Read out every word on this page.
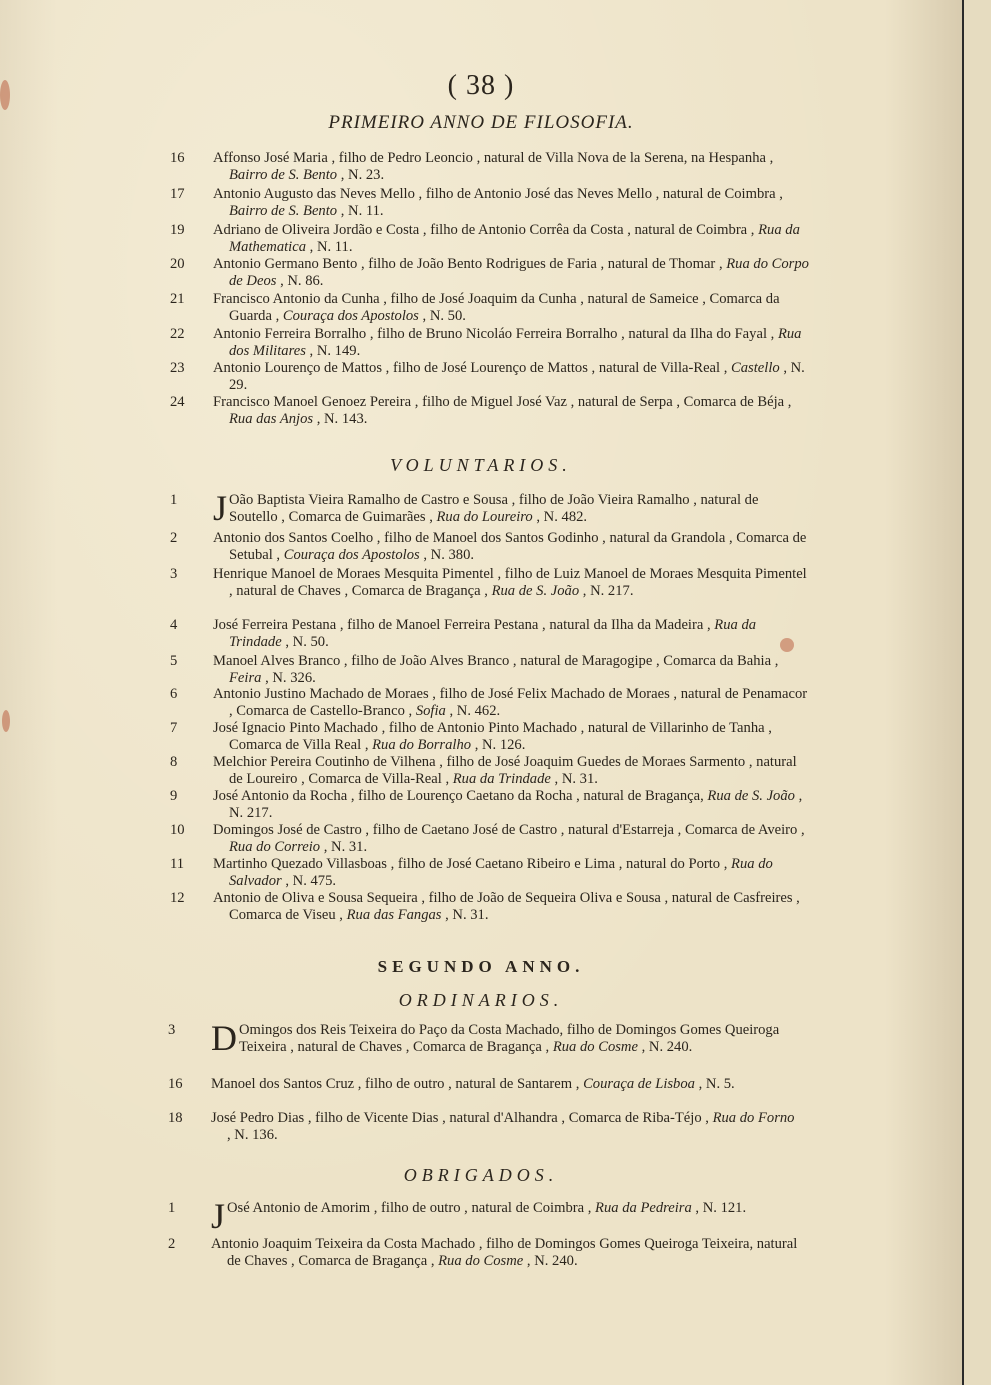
( 38 )
PRIMEIRO ANNO DE FILOSOFIA.
16	Affonso José Maria , filho de Pedro Leoncio , natural de Villa Nova de la Serena, na Hespanha , Bairro de S. Bento , N. 23.
17	Antonio Augusto das Neves Mello , filho de Antonio José das Neves Mello , natural de Coimbra , Bairro de S. Bento , N. 11.
19	Adriano de Oliveira Jordão e Costa , filho de Antonio Corrêa da Costa , natural de Coimbra , Rua da Mathematica , N. 11.
20	Antonio Germano Bento , filho de João Bento Rodrigues de Faria , natural de Thomar , Rua do Corpo de Deos , N. 86.
21	Francisco Antonio da Cunha , filho de José Joaquim da Cunha , natural de Sameice , Comarca da Guarda , Couraça dos Apostolos , N. 50.
22	Antonio Ferreira Borralho , filho de Bruno Nicoláo Ferreira Borralho , natural da Ilha do Fayal , Rua dos Militares , N. 149.
23	Antonio Lourenço de Mattos , filho de José Lourenço de Mattos , natural de Villa-Real , Castello , N. 29.
24	Francisco Manoel Genoez Pereira , filho de Miguel José Vaz , natural de Serpa , Comarca de Béja , Rua das Anjos , N. 143.
VOLUNTARIOS.
1 J Oão Baptista Vieira Ramalho de Castro e Sousa , filho de João Vieira Ramalho , natural de Soutello , Comarca de Guimarães , Rua do Loureiro , N. 482.
2	Antonio dos Santos Coelho , filho de Manoel dos Santos Godinho , natural da Grandola , Comarca de Setubal , Couraça dos Apostolos , N. 380.
3	Henrique Manoel de Moraes Mesquita Pimentel , filho de Luiz Manoel de Moraes Mesquita Pimentel , natural de Chaves , Comarca de Bragança , Rua de S. João , N. 217.
4	José Ferreira Pestana , filho de Manoel Ferreira Pestana , natural da Ilha da Madeira , Rua da Trindade , N. 50.
5	Manoel Alves Branco , filho de João Alves Branco , natural de Maragogipe , Comarca da Bahia , Feira , N. 326.
6	Antonio Justino Machado de Moraes , filho de José Felix Machado de Moraes , natural de Penamacor , Comarca de Castello-Branco , Sofia , N. 462.
7	José Ignacio Pinto Machado , filho de Antonio Pinto Machado , natural de Villarinho de Tanha , Comarca de Villa Real , Rua do Borralho , N. 126.
8	Melchior Pereira Coutinho de Vilhena , filho de José Joaquim Guedes de Moraes Sarmento , natural de Loureiro , Comarca de Villa-Real , Rua da Trindade , N. 31.
9	José Antonio da Rocha , filho de Lourenço Caetano da Rocha , natural de Bragança, Rua de S. João , N. 217.
10	Domingos José de Castro , filho de Caetano José de Castro , natural d'Estarreja , Comarca de Aveiro , Rua do Correio , N. 31.
11	Martinho Quezado Villasboas , filho de José Caetano Ribeiro e Lima , natural do Porto , Rua do Salvador , N. 475.
12	Antonio de Oliva e Sousa Sequeira , filho de João de Sequeira Oliva e Sousa , natural de Casfreires , Comarca de Viseu , Rua das Fangas , N. 31.
SEGUNDO ANNO.
ORDINARIOS.
3 D Omingos dos Reis Teixeira do Paço da Costa Machado, filho de Domingos Gomes Queiroga Teixeira , natural de Chaves , Comarca de Bragança , Rua do Cosme , N. 240.
16	Manoel dos Santos Cruz , filho de outro , natural de Santarem , Couraça de Lisboa , N. 5.
18	José Pedro Dias , filho de Vicente Dias , natural d'Alhandra , Comarca de Riba-Téjo , Rua do Forno , N. 136.
OBRIGADOS.
1 J Osé Antonio de Amorim , filho de outro , natural de Coimbra , Rua da Pedreira , N. 121.
2	Antonio Joaquim Teixeira da Costa Machado , filho de Domingos Gomes Queiroga Teixeira, natural de Chaves , Comarca de Bragança , Rua do Cosme , N. 240.
